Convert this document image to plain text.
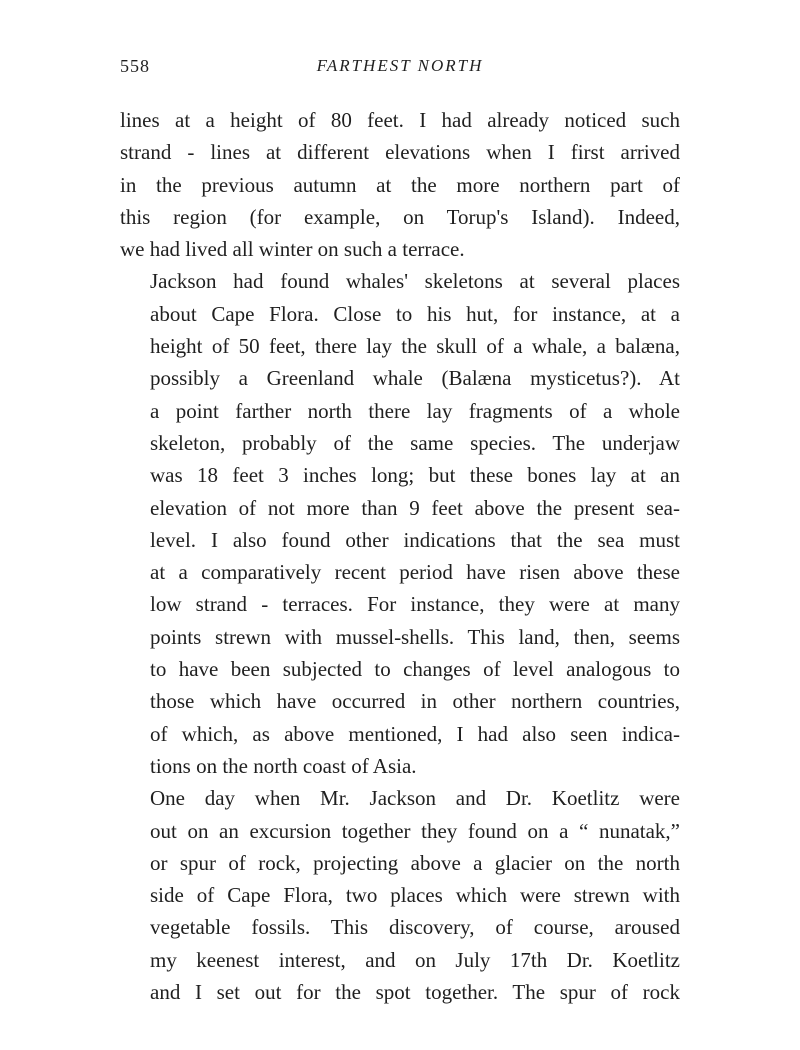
558	FARTHEST NORTH

lines at a height of 80 feet. I had already noticed such
strand - lines at different elevations when I first arrived
in the previous autumn at the more northern part of
this region (for example, on Torup's Island). Indeed,
we had lived all winter on such a terrace.

Jackson had found whales' skeletons at several places
about Cape Flora. Close to his hut, for instance, at a
height of 50 feet, there lay the skull of a whale, a balæna,
possibly a Greenland whale (Balæna mysticetus?). At
a point farther north there lay fragments of a whole
skeleton, probably of the same species. The underjaw
was 18 feet 3 inches long; but these bones lay at an
elevation of not more than 9 feet above the present sea-
level. I also found other indications that the sea must
at a comparatively recent period have risen above these
low strand - terraces. For instance, they were at many
points strewn with mussel-shells. This land, then, seems
to have been subjected to changes of level analogous to
those which have occurred in other northern countries,
of which, as above mentioned, I had also seen indica-
tions on the north coast of Asia.

One day when Mr. Jackson and Dr. Koetlitz were
out on an excursion together they found on a “ nunatak,”
or spur of rock, projecting above a glacier on the north
side of Cape Flora, two places which were strewn with
vegetable fossils. This discovery, of course, aroused
my keenest interest, and on July 17th Dr. Koetlitz
and I set out for the spot together. The spur of rock
